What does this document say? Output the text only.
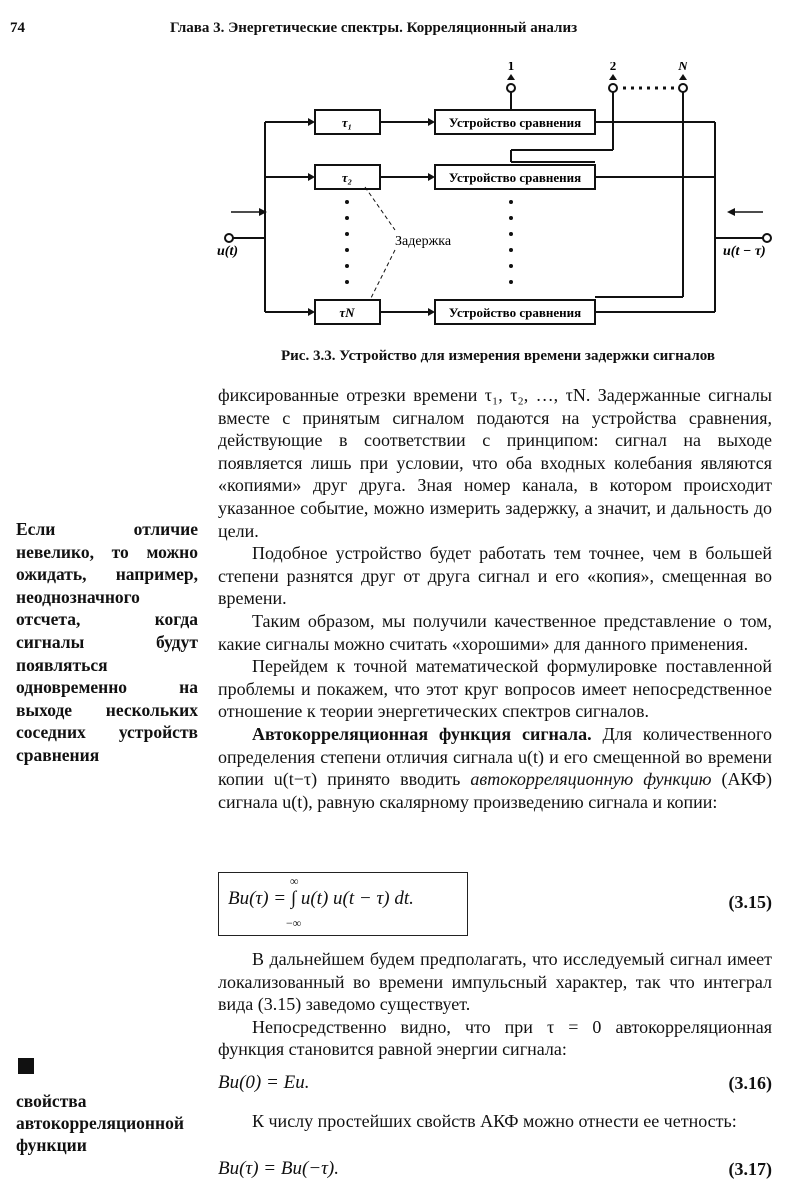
74	Глава 3. Энергетические спектры. Корреляционный анализ
τ₁
τ₂
τN
Устройство сравнения
Устройство сравнения
Устройство сравнения
Задержка
1	2	N
u(t)	u(t − τ)
Рис. 3.3. Устройство для измерения времени задержки сигналов

фиксированные отрезки времени τ₁, τ₂, …, τN. Задержанные сигналы вместе с принятым сигналом подаются на устройства сравнения, действующие в соответствии с принципом: сигнал на выходе появляется лишь при условии, что оба входных колебания являются «копиями» друг друга. Зная номер канала, в котором происходит указанное событие, можно измерить задержку, а значит, и дальность до цели.

Подобное устройство будет работать тем точнее, чем в большей степени разнятся друг от друга сигнал и его «копия», смещенная во времени.

Таким образом, мы получили качественное представление о том, какие сигналы можно считать «хорошими» для данного применения.

Перейдем к точной математической формулировке поставленной проблемы и покажем, что этот круг вопросов имеет непосредственное отношение к теории энергетических спектров сигналов.

Автокорреляционная функция сигнала. Для количественного определения степени отличия сигнала u(t) и его смещенной во времени копии u(t−τ) принято вводить автокорреляционную функцию (АКФ) сигнала u(t), равную скалярному произведению сигнала и копии:

∞
Bu(τ) = ∫ u(t) u(t − τ) dt.
−∞
(3.15)

В дальнейшем будем предполагать, что исследуемый сигнал имеет локализованный во времени импульсный характер, так что интеграл вида (3.15) заведомо существует.

Непосредственно видно, что при τ = 0 автокорреляционная функция становится равной энергии сигнала:

Bu(0) = Eu.	(3.16)

К числу простейших свойств АКФ можно отнести ее четность:

Bu(τ) = Bu(−τ).	(3.17)
Если отличие невелико, то можно ожидать, например, неоднозначного отсчета, когда сигналы будут появляться одновременно на выходе нескольких соседних устройств сравнения
свойства автокорреляционной функции
